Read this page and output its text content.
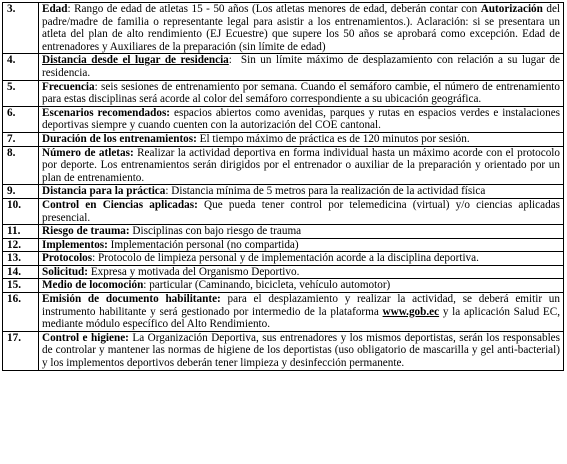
3.	Edad: Rango de edad de atletas 15 - 50 años (Los atletas menores de edad, deberán contar con Autorización del padre/madre de familia o representante legal para asistir a los entrenamientos.). Aclaración: si se presentara un atleta del plan de alto rendimiento (EJ Ecuestre) que supere los 50 años se aprobará como excepción. Edad de entrenadores y Auxiliares de la preparación (sin límite de edad)
4.	Distancia desde el lugar de residencia:  Sin un límite máximo de desplazamiento con relación a su lugar de residencia.
5.	Frecuencia: seis sesiones de entrenamiento por semana. Cuando el semáforo cambie, el número de entrenamiento para estas disciplinas será acorde al color del semáforo correspondiente a su ubicación geográfica.
6.	Escenarios recomendados: espacios abiertos como avenidas, parques y rutas en espacios verdes e instalaciones deportivas siempre y cuando cuenten con la autorización del COE cantonal.
7.	Duración de los entrenamientos: El tiempo máximo de práctica es de 120 minutos por sesión.
8.	Número de atletas: Realizar la actividad deportiva en forma individual hasta un máximo acorde con el protocolo por deporte. Los entrenamientos serán dirigidos por el entrenador o auxiliar de la preparación y orientado por un plan de entrenamiento.
9.	Distancia para la práctica: Distancia mínima de 5 metros para la realización de la actividad física
10.	Control en Ciencias aplicadas: Que pueda tener control por telemedicina (virtual) y/o ciencias aplicadas presencial.
11.	Riesgo de trauma: Disciplinas con bajo riesgo de trauma
12.	Implementos: Implementación personal (no compartida)
13.	Protocolos: Protocolo de limpieza personal y de implementación acorde a la disciplina deportiva.
14.	Solicitud: Expresa y motivada del Organismo Deportivo.
15.	Medio de locomoción: particular (Caminando, bicicleta, vehículo automotor)
16.	Emisión de documento habilitante: para el desplazamiento y realizar la actividad, se deberá emitir un instrumento habilitante y será gestionado por intermedio de la plataforma www.gob.ec y la aplicación Salud EC, mediante módulo específico del Alto Rendimiento.
17.	Control e higiene: La Organización Deportiva, sus entrenadores y los mismos deportistas, serán los responsables de controlar y mantener las normas de higiene de los deportistas (uso obligatorio de mascarilla y gel anti-bacterial) y los implementos deportivos deberán tener limpieza y desinfección permanente.
